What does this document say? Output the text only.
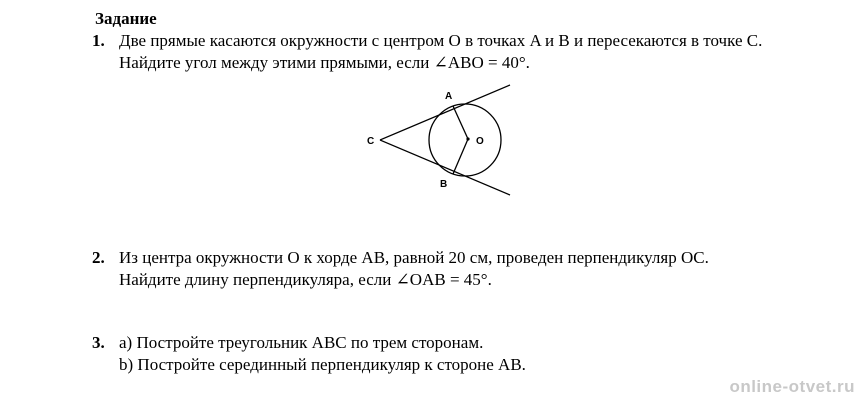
Задание
1. Две прямые касаются окружности с центром O в точках A и B и пересекаются в точке C.
Найдите угол между этими прямыми, если ∠ABO = 40°.
A
B
C	O
2. Из центра окружности O к хорде AB, равной 20 см, проведен перпендикуляр OC.
Найдите длину перпендикуляра, если ∠OAB = 45°.
3. a) Постройте треугольник ABC по трем сторонам.
b) Постройте серединный перпендикуляр к стороне AB.
online-otvet.ru
